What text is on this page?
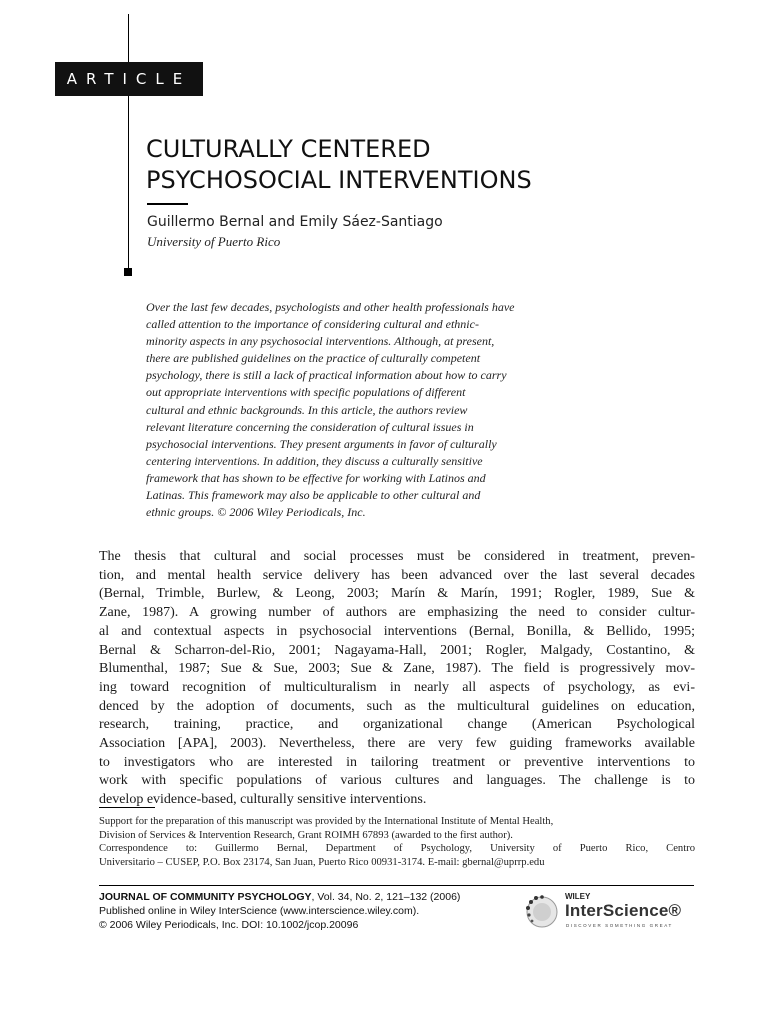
ARTICLE
CULTURALLY CENTERED
PSYCHOSOCIAL INTERVENTIONS
Guillermo Bernal and Emily Sáez-Santiago
University of Puerto Rico

Over the last few decades, psychologists and other health professionals have
called attention to the importance of considering cultural and ethnic-
minority aspects in any psychosocial interventions. Although, at present,
there are published guidelines on the practice of culturally competent
psychology, there is still a lack of practical information about how to carry
out appropriate interventions with specific populations of different
cultural and ethnic backgrounds. In this article, the authors review
relevant literature concerning the consideration of cultural issues in
psychosocial interventions. They present arguments in favor of culturally
centering interventions. In addition, they discuss a culturally sensitive
framework that has shown to be effective for working with Latinos and
Latinas. This framework may also be applicable to other cultural and
ethnic groups. © 2006 Wiley Periodicals, Inc.

The thesis that cultural and social processes must be considered in treatment, preven-
tion, and mental health service delivery has been advanced over the last several decades
(Bernal, Trimble, Burlew, & Leong, 2003; Marín & Marín, 1991; Rogler, 1989, Sue &
Zane, 1987). A growing number of authors are emphasizing the need to consider cultur-
al and contextual aspects in psychosocial interventions (Bernal, Bonilla, & Bellido, 1995;
Bernal & Scharron-del-Rio, 2001; Nagayama-Hall, 2001; Rogler, Malgady, Costantino, &
Blumenthal, 1987; Sue & Sue, 2003; Sue & Zane, 1987). The field is progressively mov-
ing toward recognition of multiculturalism in nearly all aspects of psychology, as evi-
denced by the adoption of documents, such as the multicultural guidelines on education,
research, training, practice, and organizational change (American Psychological
Association [APA], 2003). Nevertheless, there are very few guiding frameworks available
to investigators who are interested in tailoring treatment or preventive interventions to
work with specific populations of various cultures and languages. The challenge is to
develop evidence-based, culturally sensitive interventions.

Support for the preparation of this manuscript was provided by the International Institute of Mental Health,
Division of Services & Intervention Research, Grant ROIMH 67893 (awarded to the first author).
Correspondence to: Guillermo Bernal, Department of Psychology, University of Puerto Rico, Centro
Universitario – CUSEP, P.O. Box 23174, San Juan, Puerto Rico 00931-3174. E-mail: gbernal@uprrp.edu

JOURNAL OF COMMUNITY PSYCHOLOGY, Vol. 34, No. 2, 121–132 (2006)
Published online in Wiley InterScience (www.interscience.wiley.com).
© 2006 Wiley Periodicals, Inc. DOI: 10.1002/jcop.20096
WILEY
InterScience®
DISCOVER SOMETHING GREAT
